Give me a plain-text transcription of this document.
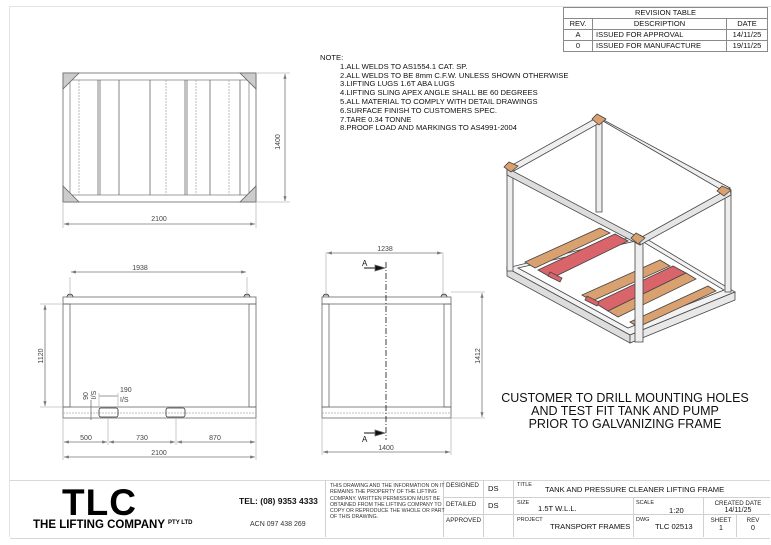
REVISION TABLE		
REV.	DESCRIPTION	DATE
A	ISSUED FOR APPROVAL	14/11/25
0	ISSUED FOR MANUFACTURE	19/11/25
NOTE:
1.ALL WELDS TO AS1554.1 CAT. SP.
2.ALL WELDS TO BE 8mm C.F.W. UNLESS SHOWN OTHERWISE
3.LIFTING LUGS 1.6T ABA LUGS
4.LIFTING SLING APEX ANGLE SHALL BE 60 DEGREES
5.ALL MATERIAL TO COMPLY WITH DETAIL DRAWINGS
6.SURFACE FINISH TO CUSTOMERS SPEC.
7.TARE 0.34 TONNE
8.PROOF LOAD AND MARKINGS TO AS4991-2004
1400
2100
1938
1120
90 I/S
190
I/S
500	730	870
2100
1238
1412
1400
A
A
CUSTOMER TO DRILL MOUNTING HOLES
AND TEST FIT TANK AND PUMP
PRIOR TO GALVANIZING FRAME
TLC
THE LIFTING COMPANY $^{PTY LTD}$
TEL: (08) 9353 4333
ACN 097 438 269
THIS DRAWING AND THE INFORMATION ON IT REMAINS THE PROPERTY OF THE LIFTING COMPANY. WRITTEN PERMISSION MUST BE OBTAINED FROM THE LIFTING COMPANY TO COPY OR REPRODUCE THE WHOLE OR PART OF THIS DRAWING.
DESIGNED DS
DETAILED DS
APPROVED
TITLE TANK AND PRESSURE CLEANER LIFTING FRAME
SIZE
1.5T W.L.L.
PROJECT
TRANSPORT FRAMES
SCALE
1:20
DWG
TLC 02513
CREATED DATE
14/11/25
SHEET
1
REV
0
